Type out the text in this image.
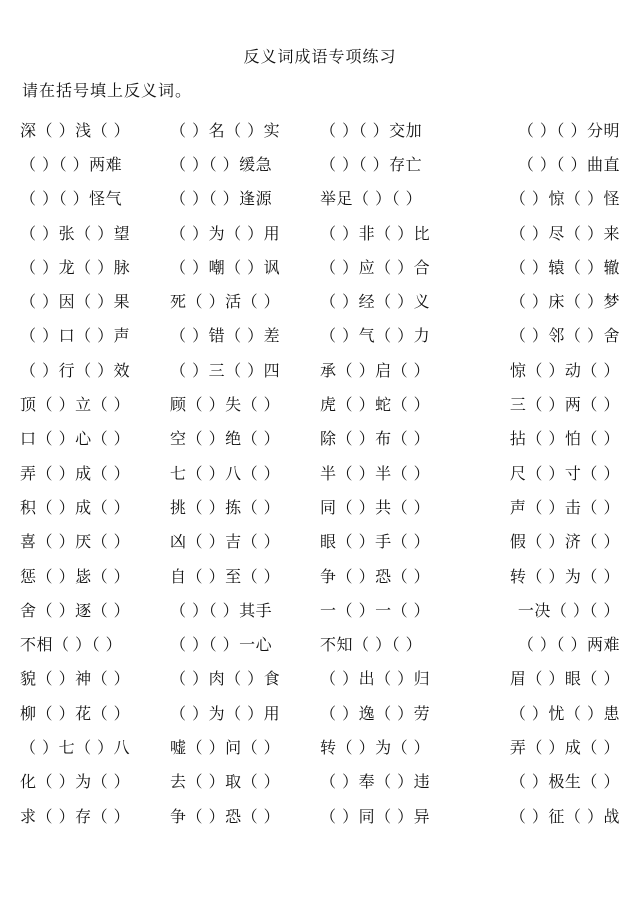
反义词成语专项练习
请在括号填上反义词。
深（ ）浅（ ）	（ ）名（ ）实	（ ）（ ）交加	（ ）（ ）分明
（ ）（ ）两难	（ ）（ ）缓急	（ ）（ ）存亡	（ ）（ ）曲直
（ ）（ ）怪气	（ ）（ ）逢源	举足（ ）（ ）	（ ）惊（ ）怪
（ ）张（ ）望	（ ）为（ ）用	（ ）非（ ）比	（ ）尽（ ）来
（ ）龙（ ）脉	（ ）嘲（ ）讽	（ ）应（ ）合	（ ）辕（ ）辙
（ ）因（ ）果	死（ ）活（ ）	（ ）经（ ）义	（ ）床（ ）梦
（ ）口（ ）声	（ ）错（ ）差	（ ）气（ ）力	（ ）邻（ ）舍
（ ）行（ ）效	（ ）三（ ）四	承（ ）启（ ）	惊（ ）动（ ）
顶（ ）立（ ）	顾（ ）失（ ）	虎（ ）蛇（ ）	三（ ）两（ ）
口（ ）心（ ）	空（ ）绝（ ）	除（ ）布（ ）	拈（ ）怕（ ）
弄（ ）成（ ）	七（ ）八（ ）	半（ ）半（ ）	尺（ ）寸（ ）
积（ ）成（ ）	挑（ ）拣（ ）	同（ ）共（ ）	声（ ）击（ ）
喜（ ）厌（ ）	凶（ ）吉（ ）	眼（ ）手（ ）	假（ ）济（ ）
惩（ ）毖（ ）	自（ ）至（ ）	争（ ）恐（ ）	转（ ）为（ ）
舍（ ）逐（ ）	（ ）（ ）其手	一（ ）一（ ）	一决（ ）（ ）
不相（ ）（ ）	（ ）（ ）一心	不知（ ）（ ）	（ ）（ ）两难
貌（ ）神（ ）	（ ）肉（ ）食	（ ）出（ ）归	眉（ ）眼（ ）
柳（ ）花（ ）	（ ）为（ ）用	（ ）逸（ ）劳	（ ）忧（ ）患
（ ）七（ ）八	嘘（ ）问（ ）	转（ ）为（ ）	弄（ ）成（ ）
化（ ）为（ ）	去（ ）取（ ）	（ ）奉（ ）违	（ ）极生（ ）
求（ ）存（ ）	争（ ）恐（ ）	（ ）同（ ）异	（ ）征（ ）战
